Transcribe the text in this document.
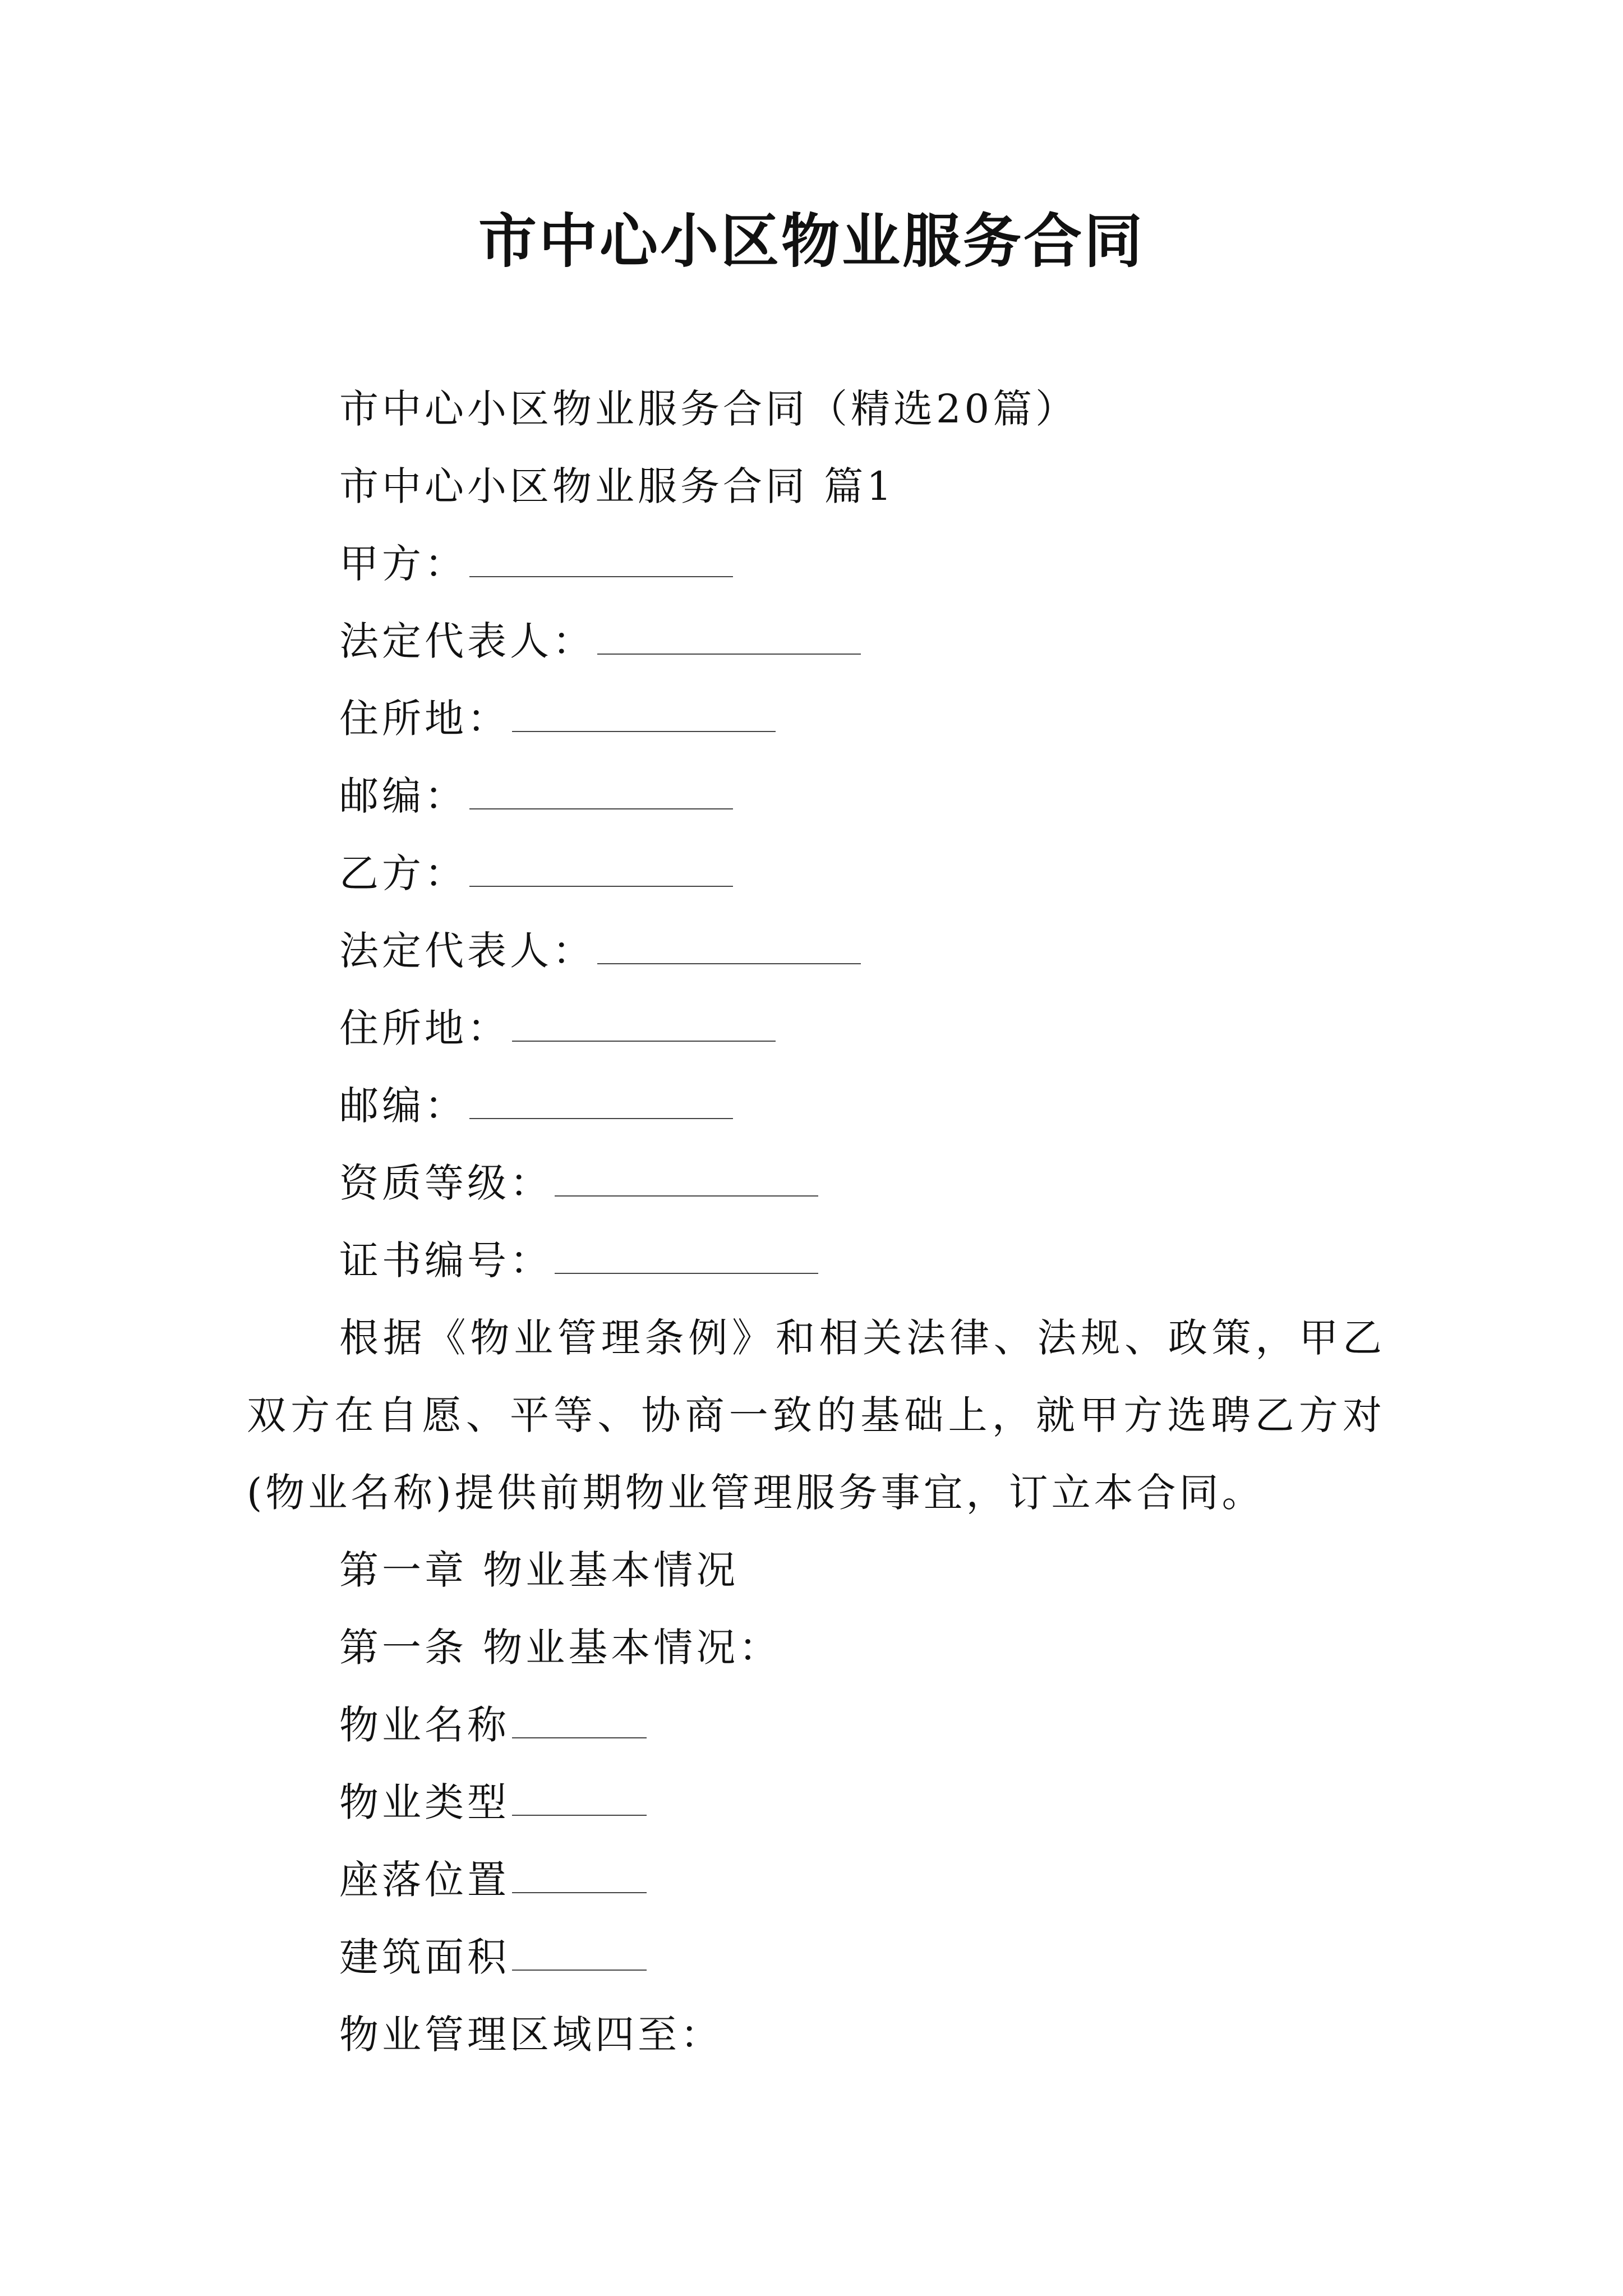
市中心小区物业服务合同
市中心小区物业服务合同（精选20篇）
市中心小区物业服务合同 篇1
甲方：
法定代表人：
住所地：
邮编：
乙方：
法定代表人：
住所地：
邮编：
资质等级：
证书编号：

根据《物业管理条例》和相关法律、法规、政策，甲乙双方在自愿、平等、协商一致的基础上，就甲方选聘乙方对(物业名称)提供前期物业管理服务事宜，订立本合同。

第一章 物业基本情况
第一条 物业基本情况：
物业名称
物业类型
座落位置
建筑面积
物业管理区域四至：
